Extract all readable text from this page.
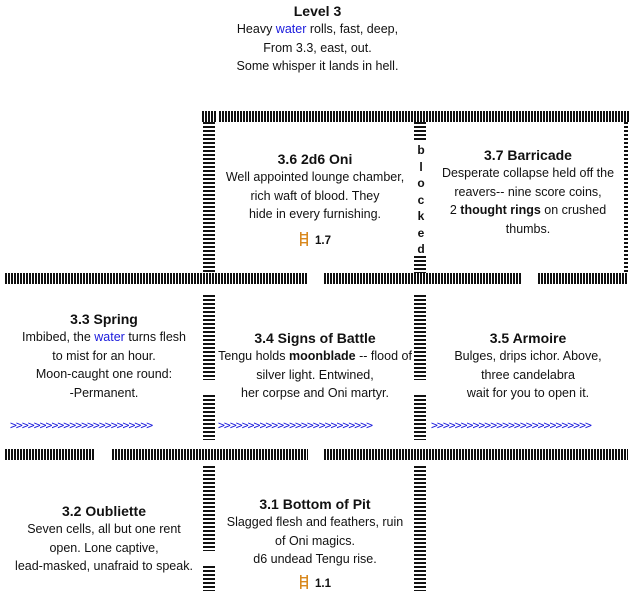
Level 3
Heavy water rolls, fast, deep,
From 3.3, east, out.
Some whisper it lands in hell.
b
l
o
c
k
e
d
3.6 2d6 Oni
Well appointed lounge chamber,
rich waft of blood. They
hide in every furnishing.
1.7
3.7 Barricade
Desperate collapse held off the
reavers-- nine score coins,
2 thought rings on crushed
thumbs.
3.3 Spring
Imbibed, the water turns flesh
to mist for an hour.
Moon-caught one round:
-Permanent.
3.4 Signs of Battle
Tengu holds moonblade -- flood of
silver light. Entwined,
her corpse and Oni martyr.
3.5 Armoire
Bulges, drips ichor. Above,
three candelabra
wait for you to open it.
>>>>>>>>>>>>>>>>>>>>>>>>	>>>>>>>>>>>>>>>>>>>>>>>>>>	>>>>>>>>>>>>>>>>>>>>>>>>>>>
3.2 Oubliette
Seven cells, all but one rent
open. Lone captive,
lead-masked, unafraid to speak.
3.1 Bottom of Pit
Slagged flesh and feathers, ruin
of Oni magics.
d6 undead Tengu rise.
1.1
